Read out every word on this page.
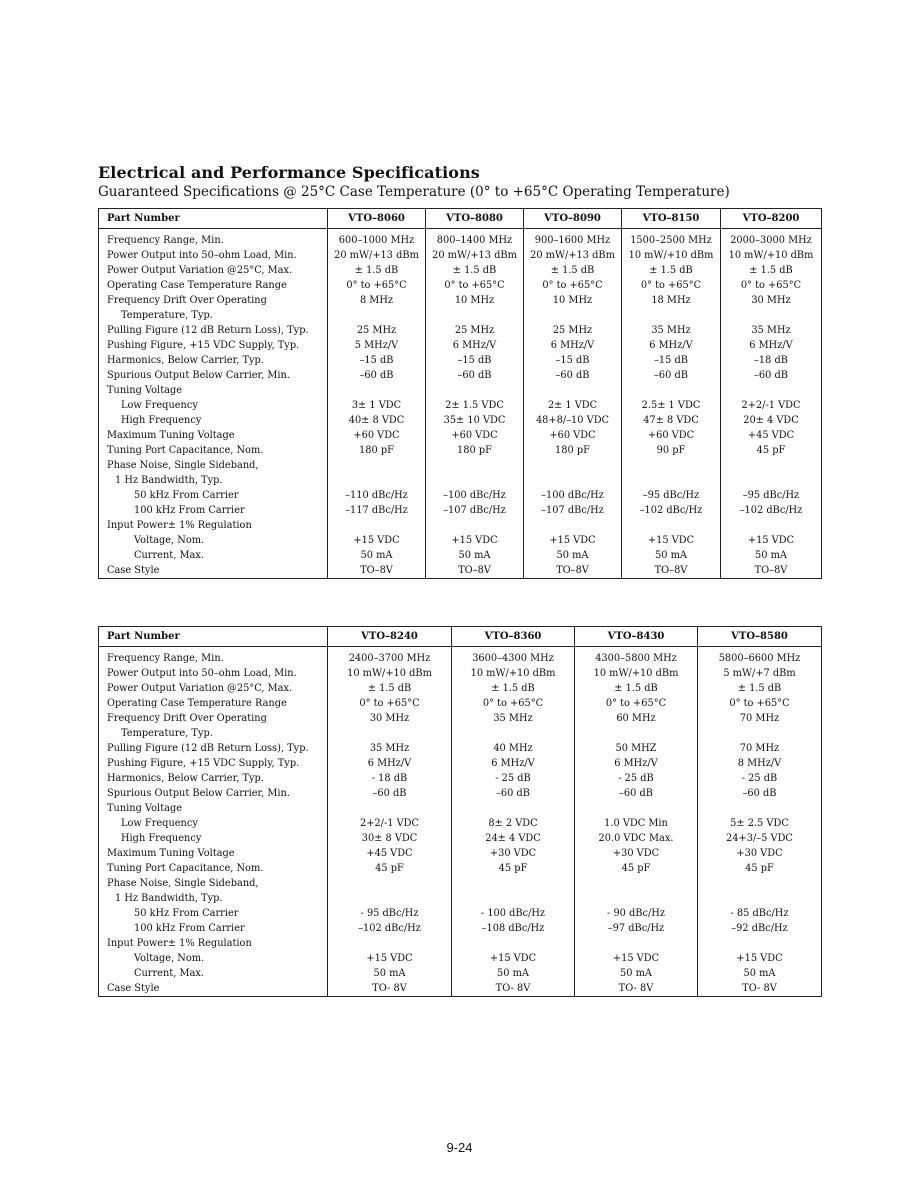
Electrical and Performance Specifications
Guaranteed Specifications @ 25°C Case Temperature (0° to +65°C Operating Temperature)
Part Number	VTO–8060	VTO–8080	VTO–8090	VTO–8150	VTO–8200
Frequency Range, Min.	600–1000 MHz	800–1400 MHz	900–1600 MHz	1500–2500 MHz	2000–3000 MHz
Power Output into 50–ohm Load, Min.	20 mW/+13 dBm	20 mW/+13 dBm	20 mW/+13 dBm	10 mW/+10 dBm	10 mW/+10 dBm
Power Output Variation @25°C, Max.	± 1.5 dB	± 1.5 dB	± 1.5 dB	± 1.5 dB	± 1.5 dB
Operating Case Temperature Range	0° to +65°C	0° to +65°C	0° to +65°C	0° to +65°C	0° to +65°C
Frequency Drift Over Operating	8 MHz	10 MHz	10 MHz	18 MHz	30 MHz
Temperature, Typ.					
Pulling Figure (12 dB Return Loss), Typ.	25 MHz	25 MHz	25 MHz	35 MHz	35 MHz
Pushing Figure, +15 VDC Supply, Typ.	5 MHz/V	6 MHz/V	6 MHz/V	6 MHz/V	6 MHz/V
Harmonics, Below Carrier, Typ.	–15 dB	–15 dB	–15 dB	–15 dB	–18 dB
Spurious Output Below Carrier, Min.	–60 dB	–60 dB	–60 dB	–60 dB	–60 dB
Tuning Voltage					
Low Frequency	3± 1 VDC	2± 1.5 VDC	2± 1 VDC	2.5± 1 VDC	2+2/-1 VDC
High Frequency	40± 8 VDC	35± 10 VDC	48+8/–10 VDC	47± 8 VDC	20± 4 VDC
Maximum Tuning Voltage	+60 VDC	+60 VDC	+60 VDC	+60 VDC	+45 VDC
Tuning Port Capacitance, Nom.	180 pF	180 pF	180 pF	90 pF	45 pF
Phase Noise, Single Sideband,					
1 Hz Bandwidth, Typ.					
50 kHz From Carrier	–110 dBc/Hz	–100 dBc/Hz	–100 dBc/Hz	–95 dBc/Hz	–95 dBc/Hz
100 kHz From Carrier	–117 dBc/Hz	–107 dBc/Hz	–107 dBc/Hz	–102 dBc/Hz	–102 dBc/Hz
Input Power± 1% Regulation					
Voltage, Nom.	+15 VDC	+15 VDC	+15 VDC	+15 VDC	+15 VDC
Current, Max.	50 mA	50 mA	50 mA	50 mA	50 mA
Case Style	TO–8V	TO–8V	TO–8V	TO–8V	TO–8V
Part Number	VTO–8240	VTO–8360	VTO–8430	VTO–8580
Frequency Range, Min.	2400–3700 MHz	3600–4300 MHz	4300–5800 MHz	5800–6600 MHz
Power Output into 50–ohm Load, Min.	10 mW/+10 dBm	10 mW/+10 dBm	10 mW/+10 dBm	5 mW/+7 dBm
Power Output Variation @25°C, Max.	± 1.5 dB	± 1.5 dB	± 1.5 dB	± 1.5 dB
Operating Case Temperature Range	0° to +65°C	0° to +65°C	0° to +65°C	0° to +65°C
Frequency Drift Over Operating	30 MHz	35 MHz	60 MHz	70 MHz
Temperature, Typ.				
Pulling Figure (12 dB Return Loss), Typ.	35 MHz	40 MHz	50 MHZ	70 MHz
Pushing Figure, +15 VDC Supply, Typ.	6 MHz/V	6 MHz/V	6 MHz/V	8 MHz/V
Harmonics, Below Carrier, Typ.	- 18 dB	- 25 dB	- 25 dB	- 25 dB
Spurious Output Below Carrier, Min.	–60 dB	–60 dB	–60 dB	–60 dB
Tuning Voltage				
Low Frequency	2+2/-1 VDC	8± 2 VDC	1.0 VDC Min	5± 2.5 VDC
High Frequency	30± 8 VDC	24± 4 VDC	20.0 VDC Max.	24+3/–5 VDC
Maximum Tuning Voltage	+45 VDC	+30 VDC	+30 VDC	+30 VDC
Tuning Port Capacitance, Nom.	45 pF	45 pF	45 pF	45 pF
Phase Noise, Single Sideband,				
1 Hz Bandwidth, Typ.				
50 kHz From Carrier	- 95 dBc/Hz	- 100 dBc/Hz	- 90 dBc/Hz	- 85 dBc/Hz
100 kHz From Carrier	–102 dBc/Hz	–108 dBc/Hz	–97 dBc/Hz	–92 dBc/Hz
Input Power± 1% Regulation				
Voltage, Nom.	+15 VDC	+15 VDC	+15 VDC	+15 VDC
Current, Max.	50 mA	50 mA	50 mA	50 mA
Case Style	TO- 8V	TO- 8V	TO- 8V	TO- 8V
9-24
